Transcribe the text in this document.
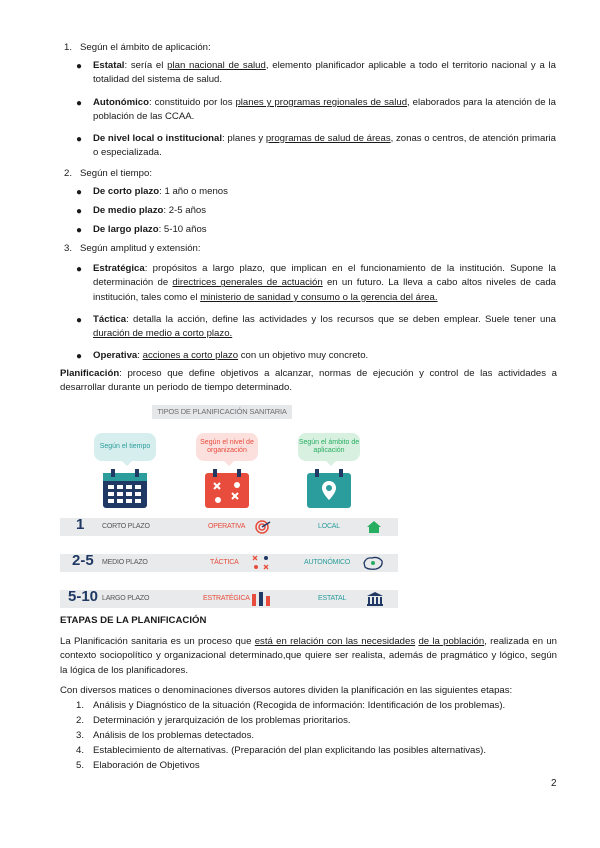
1. Según el ámbito de aplicación:
●	Estatal: sería el plan nacional de salud, elemento planificador aplicable a todo el territorio nacional y a la totalidad del sistema de salud.
●	Autonómico: constituido por los planes y programas regionales de salud, elaborados para la atención de la población de las CCAA.
●	De nivel local o institucional: planes y programas de salud de áreas, zonas o centros, de atención primaria o especializada.
2. Según el tiempo:
●	De corto plazo: 1 año o menos
●	De medio plazo: 2-5 años
●	De largo plazo: 5-10 años
3. Según amplitud y extensión:
●	Estratégica: propósitos a largo plazo, que implican en el funcionamiento de la institución. Supone la determinación de directrices generales de actuación en un futuro. La lleva a cabo altos niveles de cada institución, tales como el ministerio de sanidad y consumo o la gerencia del área.
●	Táctica: detalla la acción, define las actividades y los recursos que se deben emplear. Suele tener una duración de medio a corto plazo.
●	Operativa: acciones a corto plazo con un objetivo muy concreto.
Planificación: proceso que define objetivos a alcanzar, normas de ejecución y control de las actividades a desarrollar durante un periodo de tiempo determinado.
TIPOS DE PLANIFICACIÓN SANITARIA
Según el tiempo
Según el nivel de organización
Según el ámbito de aplicación
1	CORTO PLAZO	OPERATIVA	LOCAL
2-5 MEDIO PLAZO	TÁCTICA	AUTONÓMICO
5-10 LARGO PLAZO	ESTRATÉGICA	ESTATAL
ETAPAS DE LA PLANIFICACIÓN
La Planificación sanitaria es un proceso que está en relación con las necesidades de la población, realizada en un contexto sociopolítico y organizacional determinado,que quiere ser realista, además de pragmático y lógico, según la lógica de los planificadores.
Con diversos matices o denominaciones diversos autores dividen la planificación en las siguientes etapas:
1. Análisis y Diagnóstico de la situación (Recogida de información: Identificación de los problemas).
2. Determinación y jerarquización de los problemas prioritarios.
3. Análisis de los problemas detectados.
4. Establecimiento de alternativas. (Preparación del plan explicitando las posibles alternativas).
5. Elaboración de Objetivos
2
